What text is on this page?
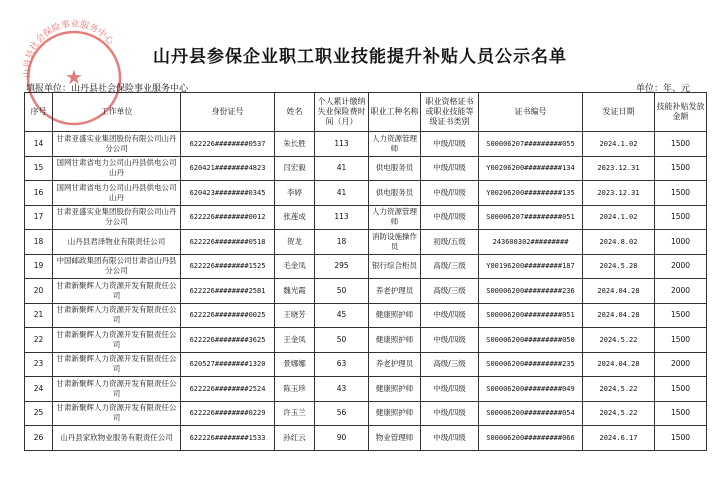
山丹县参保企业职工职业技能提升补贴人员公示名单
山丹县社会保险事业服务中心
★
填报单位：山丹县社会保险事业服务中心	单位：年、元
序号	工作单位	身份证号	姓名	个人累计缴纳失业保险费时间（月）	职业工种名称	职业资格证书或职业技能等级证书类别	证书编号	发证日期	技能补贴发放金额
14	甘肃亚盛实业集团股份有限公司山丹分公司	622226########0537	朱长胜	113	人力资源管理师	中级/四级	S00006207#########055	2024.1.02	1500
15	国网甘肃省电力公司山丹县供电公司山丹	620421########4823	闫宏毅	41	供电服务员	中级/四级	Y00206200#########134	2023.12.31	1500
16	国网甘肃省电力公司山丹县供电公司山丹	620423########0345	李婷	41	供电服务员	中级/四级	Y00206200#########135	2023.12.31	1500
17	甘肃亚盛实业集团股份有限公司山丹分公司	622226########0012	张莲成	113	人力资源管理师	中级/四级	S00006207#########051	2024.1.02	1500
18	山丹县君泽物业有限责任公司	622226########0518	贺龙	18	消防设施操作员	初级/五级	243600302#########	2024.8.02	1000
19	中国邮政集团有限公司甘肃省山丹县分公司	622226########1525	毛金凤	295	银行综合柜员	高级/三级	Y00196200#########187	2024.5.28	2000
20	甘肃新聚辉人力资源开发有限责任公司	622226########2581	魏光霞	50	养老护理员	高级/三级	S00006200#########236	2024.04.28	2000
21	甘肃新聚辉人力资源开发有限责任公司	622226########0025	王晓芳	45	健康照护师	中级/四级	S00006200#########051	2024.04.28	1500
22	甘肃新聚辉人力资源开发有限责任公司	622226########3625	王金凤	50	健康照护师	中级/四级	S00006200#########050	2024.5.22	1500
23	甘肃新聚辉人力资源开发有限责任公司	620527########1320	景娜娜	63	养老护理员	高级/三级	S00006200#########235	2024.04.28	2000
24	甘肃新聚辉人力资源开发有限责任公司	622226########2524	陈玉珍	43	健康照护师	中级/四级	S00006200#########049	2024.5.22	1500
25	甘肃新聚辉人力资源开发有限责任公司	622226########0229	许玉兰	56	健康照护师	中级/四级	S00006200#########054	2024.5.22	1500
26	山丹县家欣物业服务有限责任公司	622226########1533	孙红云	90	物业管理师	中级/四级	S00006200#########066	2024.6.17	1500
